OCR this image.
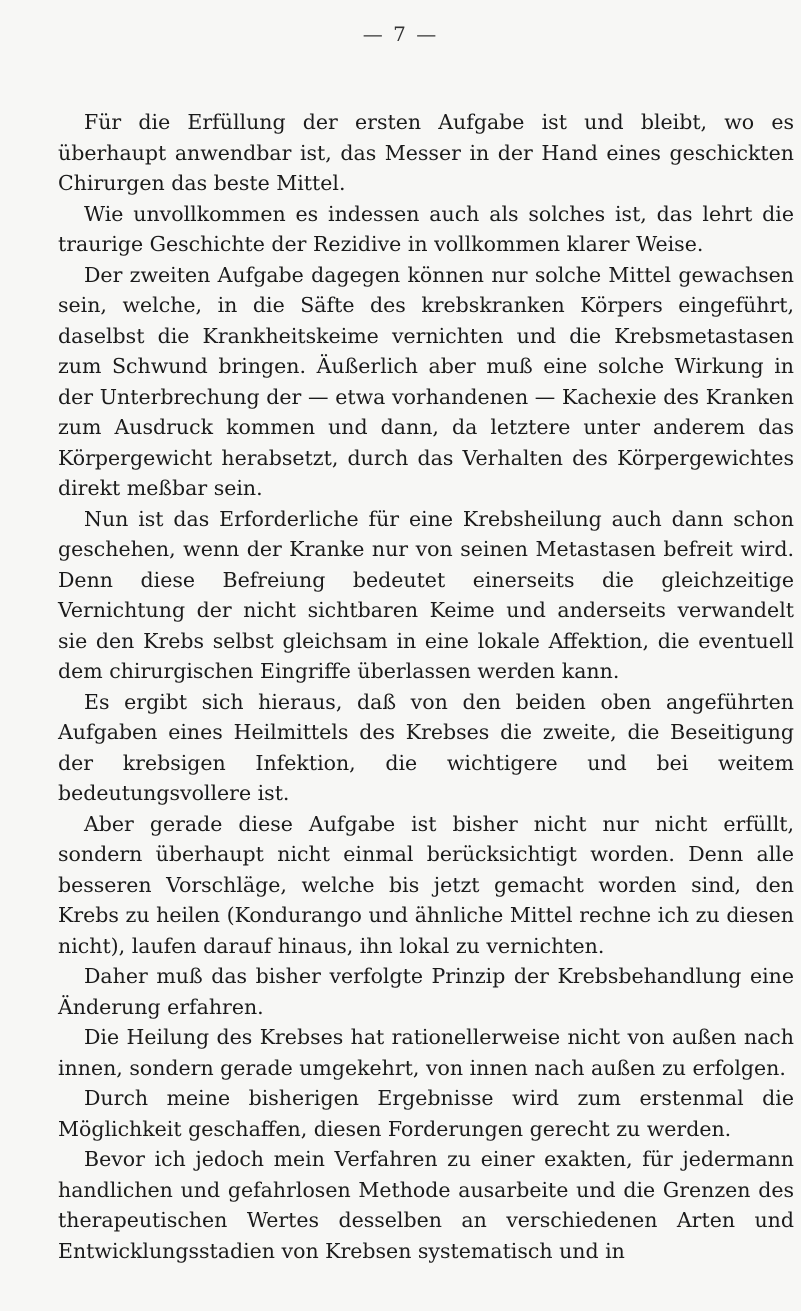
— 7 —

Für die Erfüllung der ersten Aufgabe ist und bleibt, wo es überhaupt anwendbar ist, das Messer in der Hand eines geschickten Chirurgen das beste Mittel.

Wie unvollkommen es indessen auch als solches ist, das lehrt die traurige Geschichte der Rezidive in vollkommen klarer Weise.

Der zweiten Aufgabe dagegen können nur solche Mittel gewachsen sein, welche, in die Säfte des krebskranken Körpers eingeführt, daselbst die Krankheitskeime vernichten und die Krebsmetastasen zum Schwund bringen. Äußerlich aber muß eine solche Wirkung in der Unterbrechung der — etwa vorhandenen — Kachexie des Kranken zum Ausdruck kommen und dann, da letztere unter anderem das Körpergewicht herabsetzt, durch das Verhalten des Körpergewichtes direkt meßbar sein.

Nun ist das Erforderliche für eine Krebsheilung auch dann schon geschehen, wenn der Kranke nur von seinen Metastasen befreit wird. Denn diese Befreiung bedeutet einerseits die gleichzeitige Vernichtung der nicht sichtbaren Keime und anderseits verwandelt sie den Krebs selbst gleichsam in eine lokale Affektion, die eventuell dem chirurgischen Eingriffe überlassen werden kann.

Es ergibt sich hieraus, daß von den beiden oben angeführten Aufgaben eines Heilmittels des Krebses die zweite, die Beseitigung der krebsigen Infektion, die wichtigere und bei weitem bedeutungsvollere ist.

Aber gerade diese Aufgabe ist bisher nicht nur nicht erfüllt, sondern überhaupt nicht einmal berücksichtigt worden. Denn alle besseren Vorschläge, welche bis jetzt gemacht worden sind, den Krebs zu heilen (Kondurango und ähnliche Mittel rechne ich zu diesen nicht), laufen darauf hinaus, ihn lokal zu vernichten.

Daher muß das bisher verfolgte Prinzip der Krebsbehandlung eine Änderung erfahren.

Die Heilung des Krebses hat rationellerweise nicht von außen nach innen, sondern gerade umgekehrt, von innen nach außen zu erfolgen.

Durch meine bisherigen Ergebnisse wird zum erstenmal die Möglichkeit geschaffen, diesen Forderungen gerecht zu werden.

Bevor ich jedoch mein Verfahren zu einer exakten, für jedermann handlichen und gefahrlosen Methode ausarbeite und die Grenzen des therapeutischen Wertes desselben an verschiedenen Arten und Entwicklungsstadien von Krebsen systematisch und in
